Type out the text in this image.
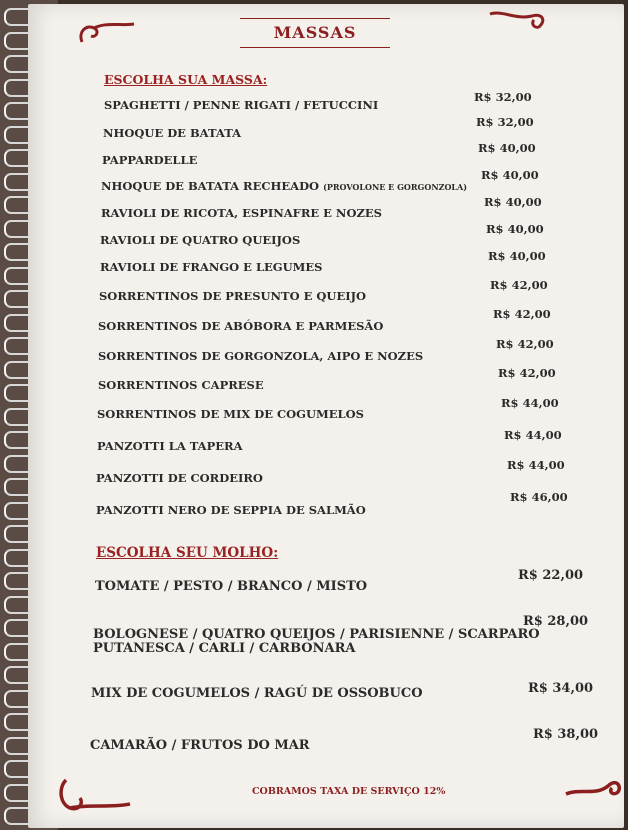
MASSAS
ESCOLHA SUA MASSA:
SPAGHETTI / PENNE RIGATI / FETUCCINI
R$ 32,00
NHOQUE DE BATATA
R$ 32,00
PAPPARDELLE
R$ 40,00
NHOQUE DE BATATA RECHEADO (PROVOLONE E GORGONZOLA)
R$ 40,00
RAVIOLI DE RICOTA, ESPINAFRE E NOZES
R$ 40,00
RAVIOLI DE QUATRO QUEIJOS
R$ 40,00
RAVIOLI DE FRANGO E LEGUMES
R$ 40,00
SORRENTINOS DE PRESUNTO E QUEIJO
R$ 42,00
SORRENTINOS DE ABÓBORA E PARMESÃO
R$ 42,00
SORRENTINOS DE GORGONZOLA, AIPO E NOZES
R$ 42,00
SORRENTINOS CAPRESE
R$ 42,00
SORRENTINOS DE MIX DE COGUMELOS
R$ 44,00
PANZOTTI LA TAPERA
R$ 44,00
PANZOTTI DE CORDEIRO
R$ 44,00
PANZOTTI NERO DE SEPPIA DE SALMÃO
R$ 46,00
ESCOLHA SEU MOLHO:
TOMATE / PESTO / BRANCO / MISTO
R$ 22,00
BOLOGNESE / QUATRO QUEIJOS / PARISIENNE / SCARPARO
PUTANESCA / CARLI / CARBONARA
R$ 28,00
MIX DE COGUMELOS / RAGÚ DE OSSOBUCO	R$ 34,00
CAMARÃO / FRUTOS DO MAR
R$ 38,00
COBRAMOS TAXA DE SERVIÇO 12%
